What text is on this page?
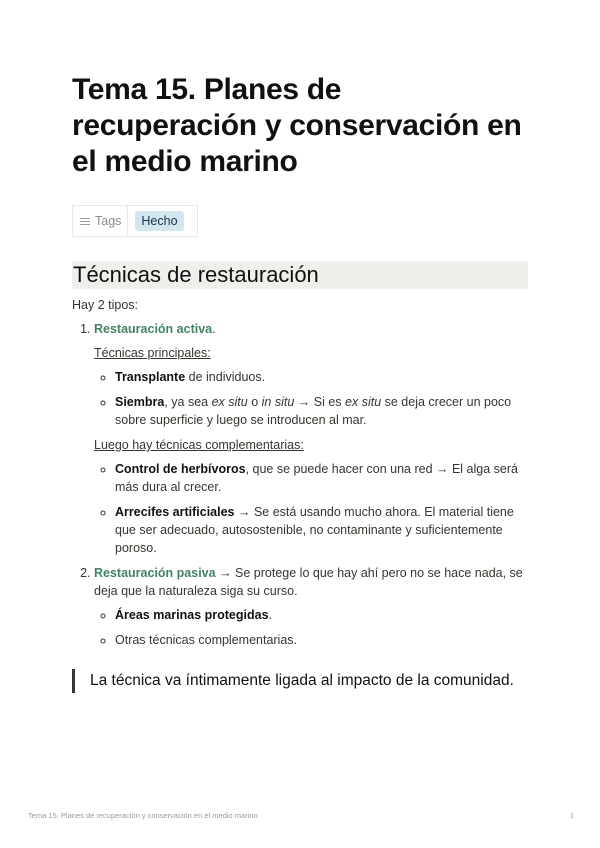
Tema 15. Planes de recuperación y conservación en el medio marino
Tags	Hecho
Técnicas de restauración

Hay 2 tipos:

1. Restauración activa.
Técnicas principales:
◦ Transplante de individuos.
◦ Siembra, ya sea ex situ o in situ → Si es ex situ se deja crecer un poco sobre superficie y luego se introducen al mar.
Luego hay técnicas complementarias:
◦ Control de herbívoros, que se puede hacer con una red → El alga será más dura al crecer.
◦ Arrecifes artificiales → Se está usando mucho ahora. El material tiene que ser adecuado, autosostenible, no contaminante y suficientemente poroso.
2. Restauración pasiva → Se protege lo que hay ahí pero no se hace nada, se deja que la naturaleza siga su curso.
◦ Áreas marinas protegidas.
◦ Otras técnicas complementarias.
La técnica va íntimamente ligada al impacto de la comunidad.
Tema 15. Planes de recuperación y conservación en el medio marino	1
